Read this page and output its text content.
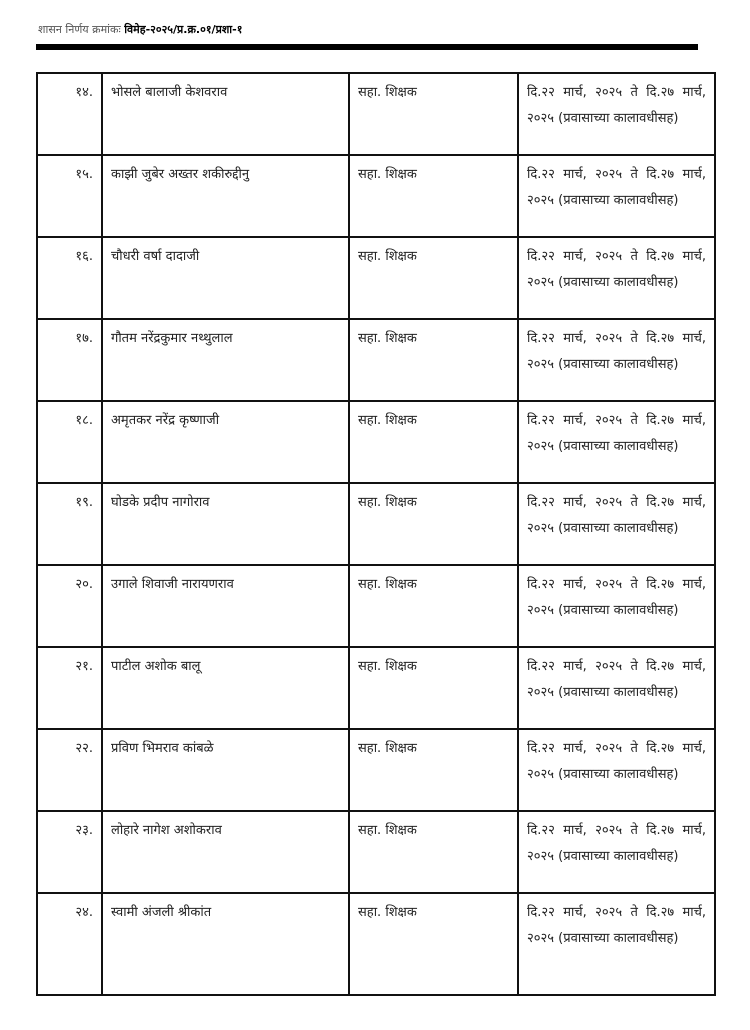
शासन निर्णय क्रमांकः विमेह-२०२५/प्र.क्र.०१/प्रशा-१
१४.	भोसले बालाजी केशवराव	सहा. शिक्षक	दि.२२ मार्च, २०२५ ते दि.२७ मार्च, २०२५ (प्रवासाच्या कालावधीसह)
१५.	काझी जुबेर अख्तर शकीरुद्दीनु	सहा. शिक्षक	दि.२२ मार्च, २०२५ ते दि.२७ मार्च, २०२५ (प्रवासाच्या कालावधीसह)
१६.	चौधरी वर्षा दादाजी	सहा. शिक्षक	दि.२२ मार्च, २०२५ ते दि.२७ मार्च, २०२५ (प्रवासाच्या कालावधीसह)
१७.	गौतम नरेंद्रकुमार नथ्थुलाल	सहा. शिक्षक	दि.२२ मार्च, २०२५ ते दि.२७ मार्च, २०२५ (प्रवासाच्या कालावधीसह)
१८.	अमृतकर नरेंद्र कृष्णाजी	सहा. शिक्षक	दि.२२ मार्च, २०२५ ते दि.२७ मार्च, २०२५ (प्रवासाच्या कालावधीसह)
१९.	घोडके प्रदीप नागोराव	सहा. शिक्षक	दि.२२ मार्च, २०२५ ते दि.२७ मार्च, २०२५ (प्रवासाच्या कालावधीसह)
२०.	उगाले शिवाजी नारायणराव	सहा. शिक्षक	दि.२२ मार्च, २०२५ ते दि.२७ मार्च, २०२५ (प्रवासाच्या कालावधीसह)
२१.	पाटील अशोक बालू	सहा. शिक्षक	दि.२२ मार्च, २०२५ ते दि.२७ मार्च, २०२५ (प्रवासाच्या कालावधीसह)
२२.	प्रविण भिमराव कांबळे	सहा. शिक्षक	दि.२२ मार्च, २०२५ ते दि.२७ मार्च, २०२५ (प्रवासाच्या कालावधीसह)
२३.	लोहारे नागेश अशोकराव	सहा. शिक्षक	दि.२२ मार्च, २०२५ ते दि.२७ मार्च, २०२५ (प्रवासाच्या कालावधीसह)
२४.	स्वामी अंजली श्रीकांत	सहा. शिक्षक	दि.२२ मार्च, २०२५ ते दि.२७ मार्च, २०२५ (प्रवासाच्या कालावधीसह)
